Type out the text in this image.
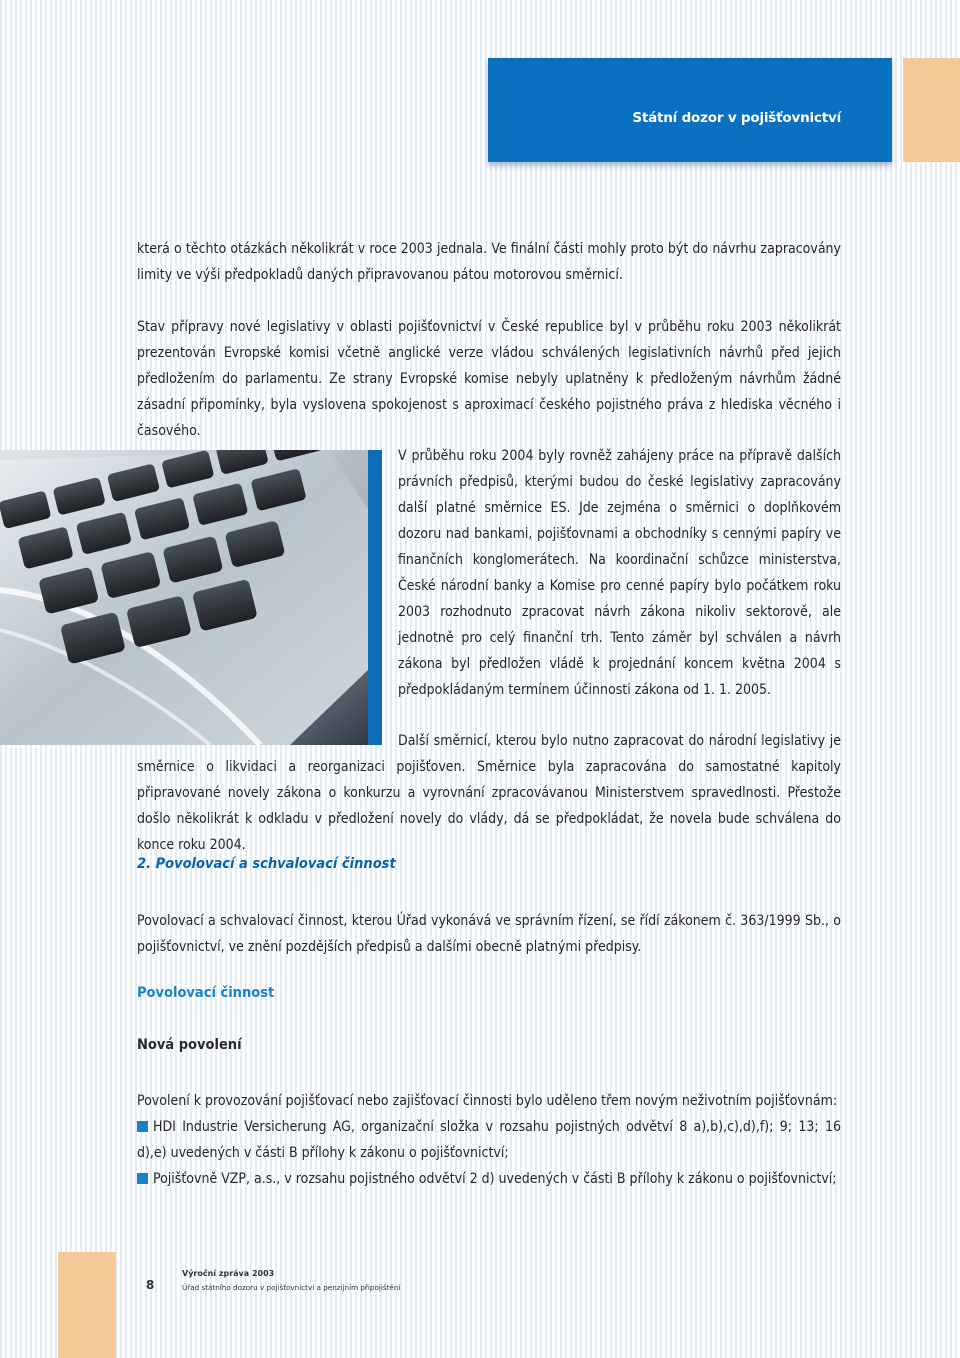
Státní dozor v pojišťovnictví

která o těchto otázkách několikrát v roce 2003 jednala. Ve finální části mohly proto být do návrhu zapracovány limity ve výši předpokladů daných připravovanou pátou motorovou směrnicí.

Stav přípravy nové legislativy v oblasti pojišťovnictví v České republice byl v průběhu roku 2003 několikrát prezentován Evropské komisi včetně anglické verze vládou schválených legislativních návrhů před jejich předložením do parlamentu. Ze strany Evropské komise nebyly uplatněny k předloženým návrhům žádné zásadní připomínky, byla vyslovena spokojenost s aproximací českého pojistného práva z hlediska věcného i časového.

V průběhu roku 2004 byly rovněž zahájeny práce na přípravě dalších právních předpisů, kterými budou do české legislativy zapracovány další platné směrnice ES. Jde zejména o směrnici o doplňkovém dozoru nad bankami, pojišťovnami a obchodníky s cennými papíry ve finančních konglomerátech. Na koordinační schůzce ministerstva, České národní banky a Komise pro cenné papíry bylo počátkem roku 2003 rozhodnuto zpracovat návrh zákona nikoliv sektorově, ale jednotně pro celý finanční trh. Tento záměr byl schválen a návrh zákona byl předložen vládě k projednání koncem května 2004 s předpokládaným termínem účinnosti zákona od 1. 1. 2005.

Další směrnicí, kterou bylo nutno zapracovat do národní legislativy je směrnice o likvidaci a reorganizaci pojišťoven. Směrnice byla zapracována do samostatné kapitoly připravované novely zákona o konkurzu a vyrovnání zpracovávanou Ministerstvem spravedlnosti. Přestože došlo několikrát k odkladu v předložení novely do vlády, dá se předpokládat, že novela bude schválena do konce roku 2004.

2. Povolovací a schvalovací činnost

Povolovací a schvalovací činnost, kterou Úřad vykonává ve správním řízení, se řídí zákonem č. 363/1999 Sb., o pojišťovnictví, ve znění pozdějších předpisů a dalšími obecně platnými předpisy.

Povolovací činnost
Nová povolení

Povolení k provozování pojišťovací nebo zajišťovací činnosti bylo uděleno třem novým neživotním pojišťovnám:

HDI Industrie Versicherung AG, organizační složka v rozsahu pojistných odvětví 8 a),b),c),d),f); 9; 13; 16 d),e) uvedených v části B přílohy k zákonu o pojišťovnictví;
Pojišťovně VZP, a.s., v rozsahu pojistného odvětví 2 d) uvedených v části B přílohy k zákonu o pojišťovnictví;
8
Výroční zpráva 2003
Úřad státního dozoru v pojišťovnictví a penzijním připojištění
